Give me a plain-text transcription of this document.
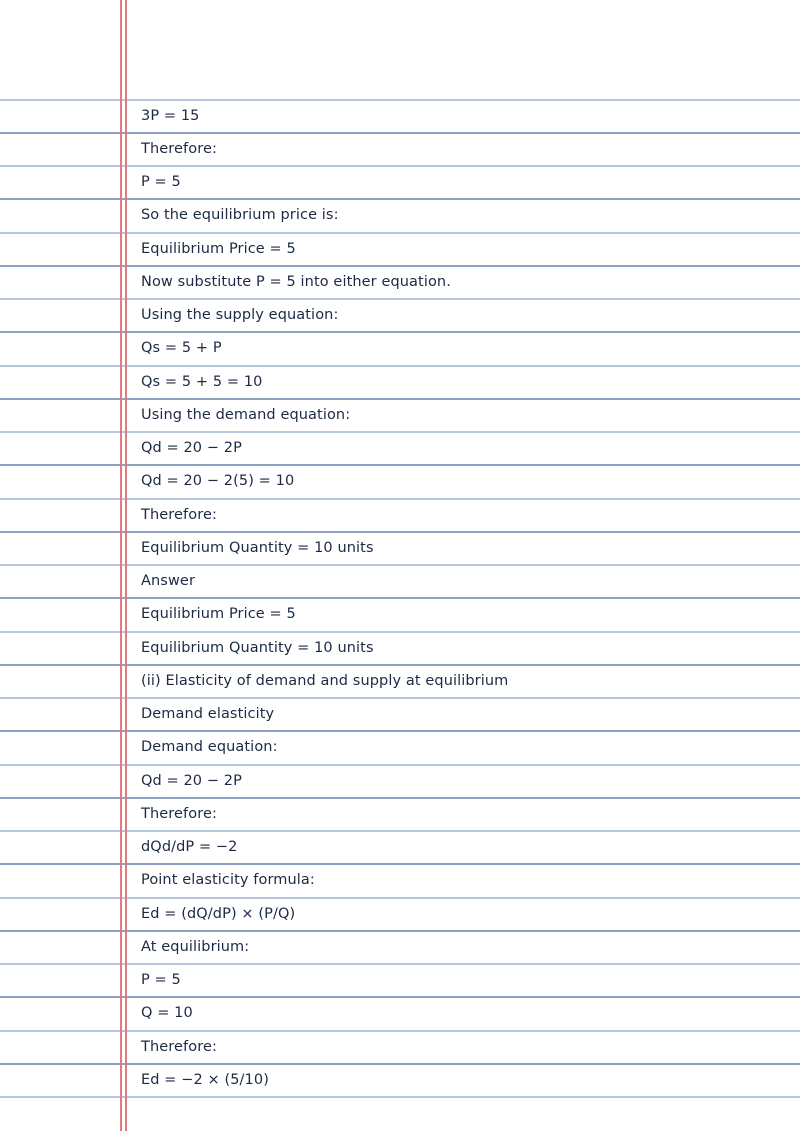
3P = 15
Therefore:
P = 5
So the equilibrium price is:
Equilibrium Price = 5
Now substitute P = 5 into either equation.
Using the supply equation:
Qs = 5 + P
Qs = 5 + 5 = 10
Using the demand equation:
Qd = 20 − 2P
Qd = 20 − 2(5) = 10
Therefore:
Equilibrium Quantity = 10 units
Answer
Equilibrium Price = 5
Equilibrium Quantity = 10 units
(ii) Elasticity of demand and supply at equilibrium
Demand elasticity
Demand equation:
Qd = 20 − 2P
Therefore:
dQd/dP = −2
Point elasticity formula:
Ed = (dQ/dP) × (P/Q)
At equilibrium:
P = 5
Q = 10
Therefore:
Ed = −2 × (5/10)
